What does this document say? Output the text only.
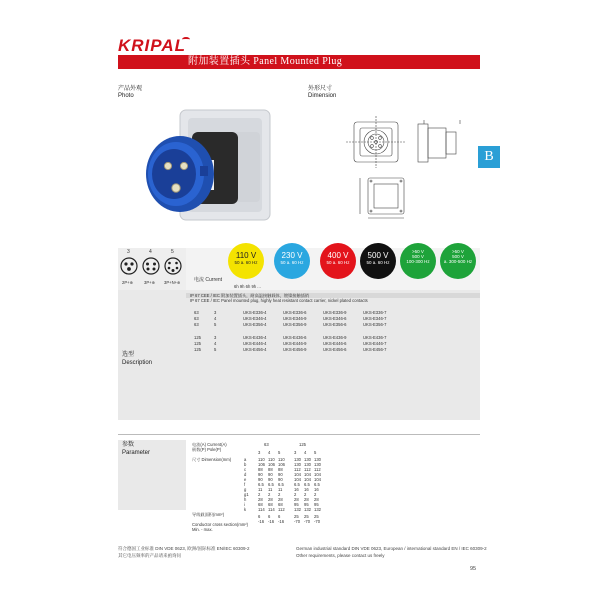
KRIPAL
附加装置插头 Panel Mounted Plug
B
产品外观
Photo
外形尺寸
Dimension
3	4	5
2P+⊕	3P+⊕ 3P+N+⊕
110 V
50 a. 60 Hz
230 V
50 a. 60 Hz
400 V
50 a. 60 Hz
500 V
50 a. 60 Hz
>50 V
500 V
100-300 Hz
>50 V
500 V
a. 300-500 Hz
电流 Current
6h 9h 6h 9h ...
选型
Description
IP 67 CEE / IEC 附加装置插头，耐高温接触载体，镀镍接触插销
IP 67 CEE / IEC Panel mounted plug, highly heat resistant contact carrier, nickel plated contacts
63	3	UKS-E336-4	UKS-E336-6	UKS-E336-9	UKS-E336-7
63	4	UKS-E346-4	UKS-E346-9	UKS-E346-6	UKS-E346-7
63	5	UKS-E356-4	UKS-E356-9	UKS-E356-6	UKS-E356-7
125	3	UKS-E436-4	UKS-E436-6	UKS-E436-9	UKS-E436-7
125	4	UKS-E446-4	UKS-E446-9	UKS-E446-6	UKS-E446-7
125	5	UKS-E456-4	UKS-E456-9	UKS-E456-6	UKS-E456-7
参数
Parameter
电流(A) Current(A)
极数(P) Pole(P)
63	125
尺寸 Dimension(mm)
导线截面积(mm²)
Conductor cross section(mm²)
Min. - max.
3 4 5	3 4 5
a	110 110 110 130 130 130
b	106 106 106 130 130 130
c	88 88 88	112 112 112
d	90 90 90	104 104 104
e	90 90 90	104 104 104
f	6.5 6.5 6.5 6.5 6.5 6.5
g	11 11 11	16 16 16
g1 2 2 2	2 2 2
h	28 28 28	28 28 28
i	68 68 68	95 95 95
k	114 114 112 132 132 132
6 6 6	25 25 25
-16 -16 -16 -70 -70 -70
符合德国工业标准 DIN VDE 0623, 欧洲/国际标准 EN/IEC 60309-2
其它电压频率的产品请来函询问
German industrial standard DIN VDE 0623, European / international standard EN / IEC 60309-2
Other requirements, please contact us freely
95
